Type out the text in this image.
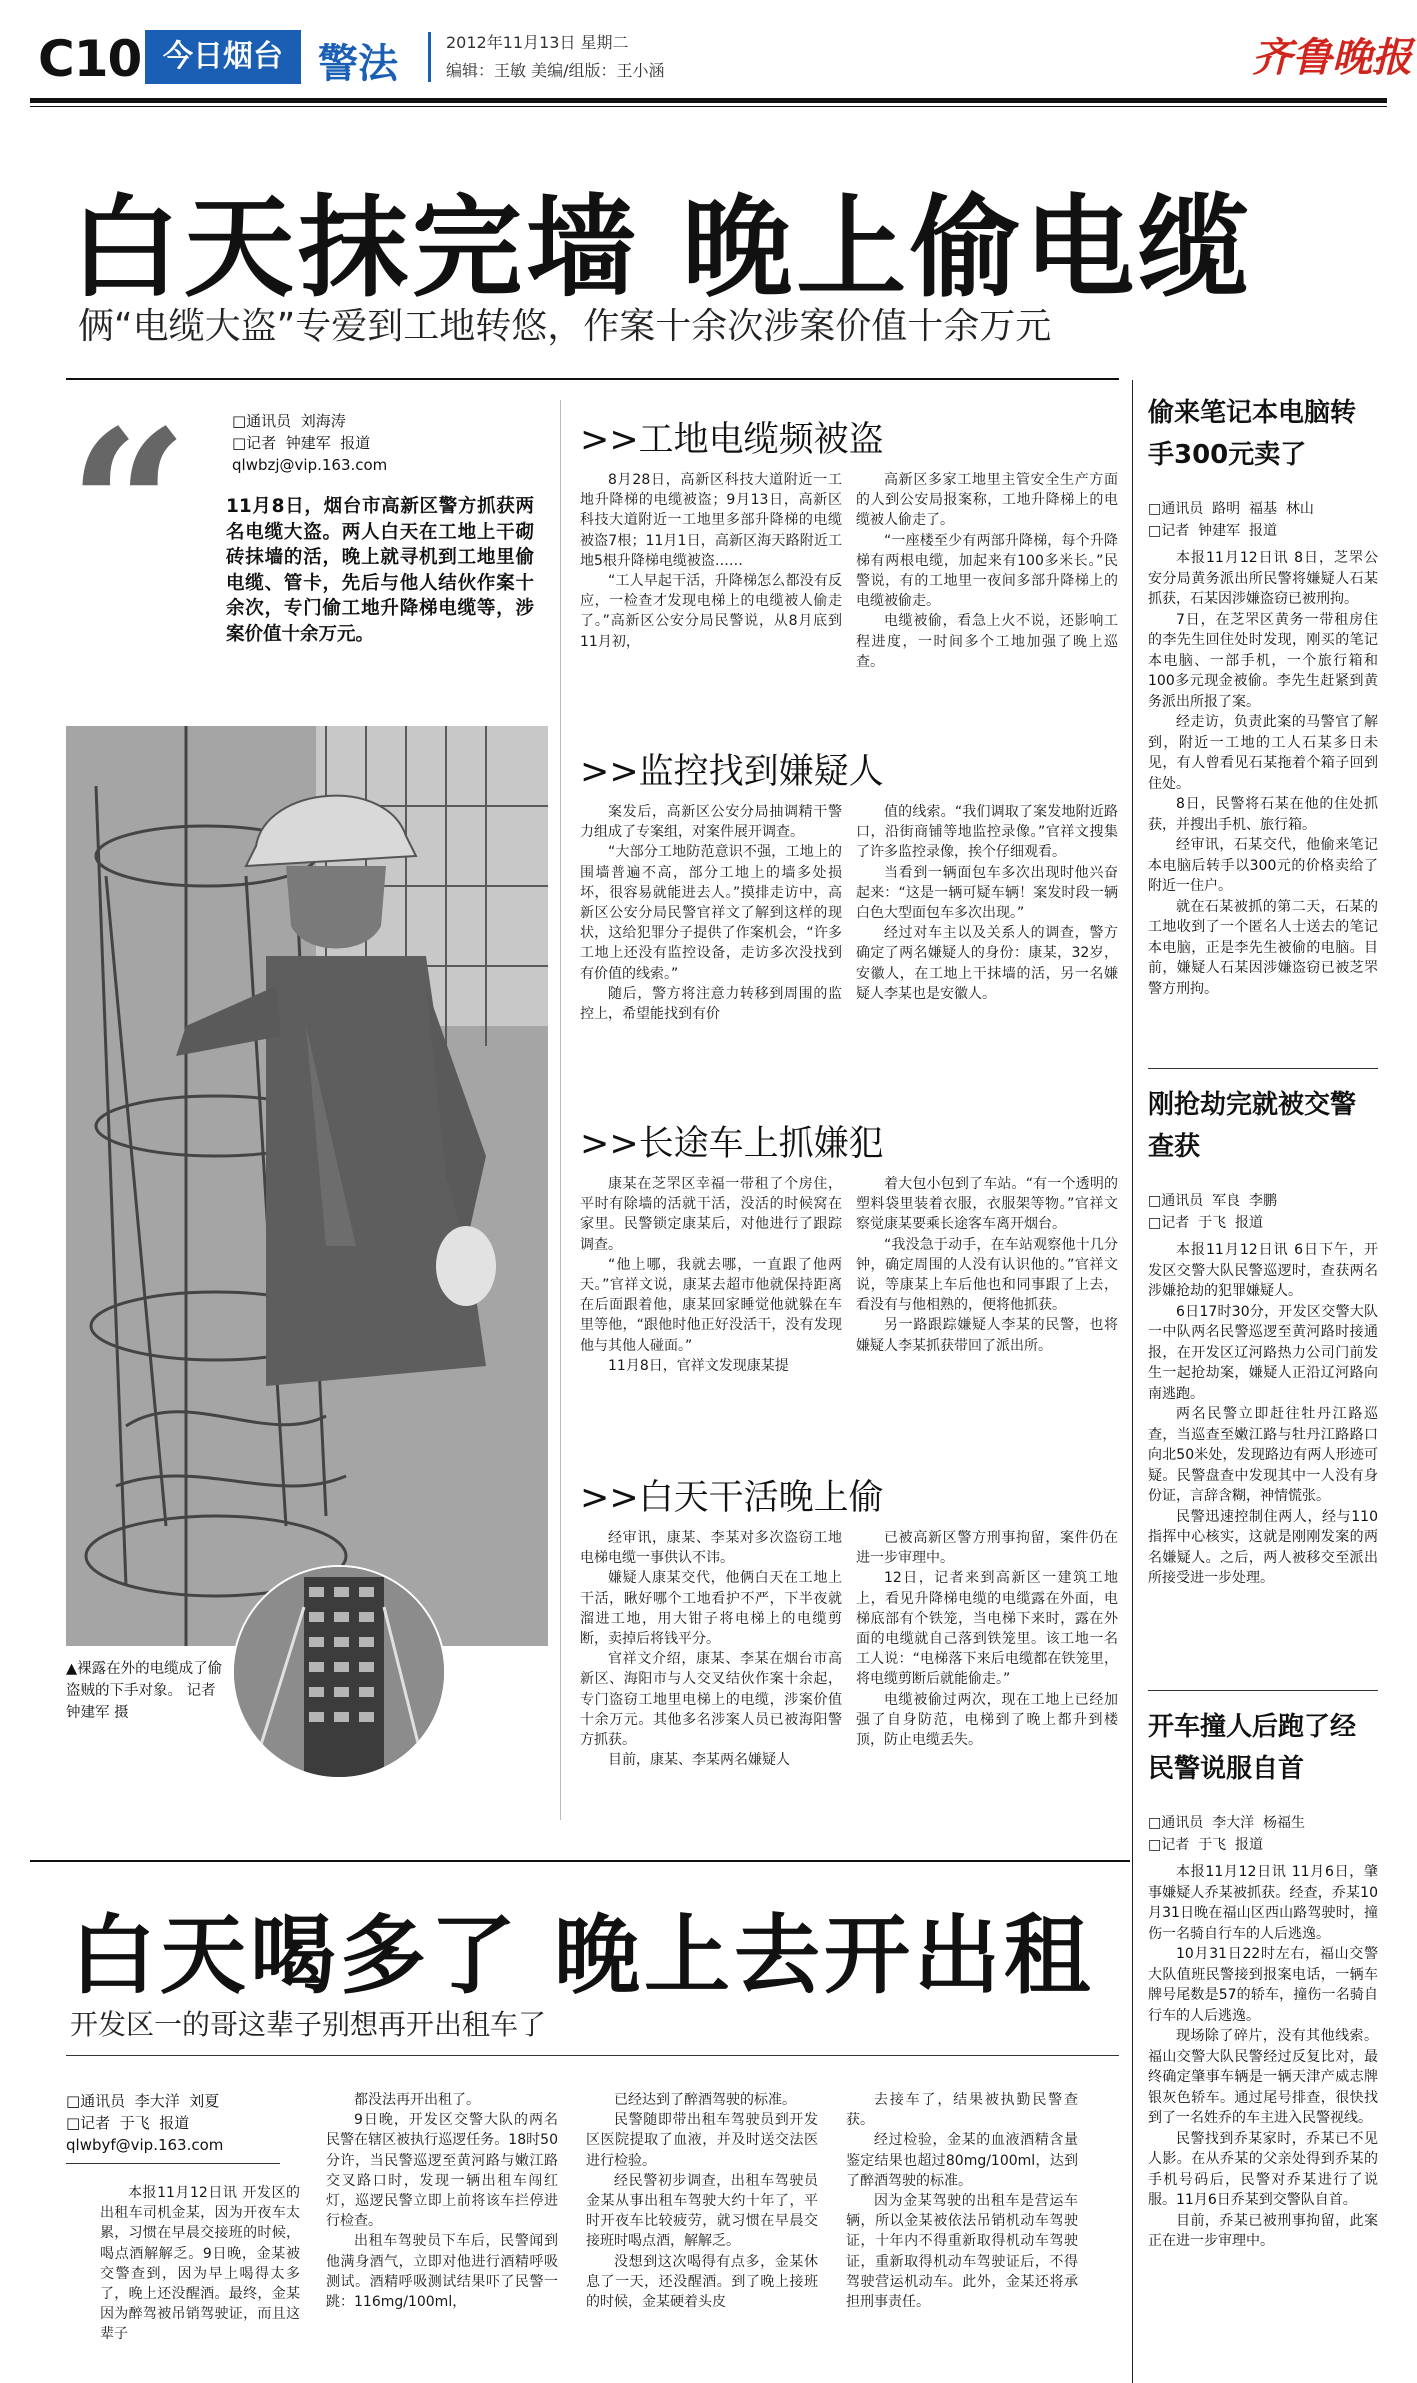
C10 今日烟台 警法	2012年11月13日 星期二
编辑：王敏 美编/组版：王小涵	齐鲁晚报
白天抹完墙 晚上偷电缆
俩“电缆大盗”专爱到工地转悠，作案十余次涉案价值十余万元
□通讯员  刘海涛
□记者  钟建军  报道
qlwbzj@vip.163.com
“ 11月8日，烟台市高新区警方抓获两名电缆大盗。两人白天在工地上干砌砖抹墙的活，晚上就寻机到工地里偷电缆、管卡，先后与他人结伙作案十余次，专门偷工地升降梯电缆等，涉案价值十余万元。
▲裸露在外的电缆成了偷盗贼的下手对象。 记者 钟建军 摄
>>工地电缆频被盗

8月28日，高新区科技大道附近一工地升降梯的电缆被盗；9月13日，高新区科技大道附近一工地里多部升降梯的电缆被盗7根；11月1日，高新区海天路附近工地5根升降梯电缆被盗……

“工人早起干活，升降梯怎么都没有反应，一检查才发现电梯上的电缆被人偷走了。”高新区公安分局民警说，从8月底到11月初，

高新区多家工地里主管安全生产方面的人到公安局报案称，工地升降梯上的电缆被人偷走了。

“一座楼至少有两部升降梯，每个升降梯有两根电缆，加起来有100多米长。”民警说，有的工地里一夜间多部升降梯上的电缆被偷走。

电缆被偷，看急上火不说，还影响工程进度，一时间多个工地加强了晚上巡查。

>>监控找到嫌疑人

案发后，高新区公安分局抽调精干警力组成了专案组，对案件展开调查。

“大部分工地防范意识不强，工地上的围墙普遍不高，部分工地上的墙多处损坏，很容易就能进去人。”摸排走访中，高新区公安分局民警官祥文了解到这样的现状，这给犯罪分子提供了作案机会，“许多工地上还没有监控设备，走访多次没找到有价值的线索。”

随后，警方将注意力转移到周围的监控上，希望能找到有价

值的线索。“我们调取了案发地附近路口，沿街商铺等地监控录像。”官祥文搜集了许多监控录像，挨个仔细观看。

当看到一辆面包车多次出现时他兴奋起来：“这是一辆可疑车辆！案发时段一辆白色大型面包车多次出现。”

经过对车主以及关系人的调查，警方确定了两名嫌疑人的身份：康某，32岁，安徽人，在工地上干抹墙的活，另一名嫌疑人李某也是安徽人。

>>长途车上抓嫌犯

康某在芝罘区幸福一带租了个房住，平时有除墙的活就干活，没活的时候窝在家里。民警锁定康某后，对他进行了跟踪调查。

“他上哪，我就去哪，一直跟了他两天。”官祥文说，康某去超市他就保持距离在后面跟着他，康某回家睡觉他就躲在车里等他，“跟他时他正好没活干，没有发现他与其他人碰面。”

11月8日，官祥文发现康某提

着大包小包到了车站。“有一个透明的塑料袋里装着衣服，衣服架等物。”官祥文察觉康某要乘长途客车离开烟台。

“我没急于动手，在车站观察他十几分钟，确定周围的人没有认识他的。”官祥文说，等康某上车后他也和同事跟了上去，看没有与他相熟的，便将他抓获。

另一路跟踪嫌疑人李某的民警，也将嫌疑人李某抓获带回了派出所。

>>白天干活晚上偷

经审讯，康某、李某对多次盗窃工地电梯电缆一事供认不讳。

嫌疑人康某交代，他俩白天在工地上干活，瞅好哪个工地看护不严，下半夜就溜进工地，用大钳子将电梯上的电缆剪断，卖掉后将钱平分。

官祥文介绍，康某、李某在烟台市高新区、海阳市与人交叉结伙作案十余起，专门盗窃工地里电梯上的电缆，涉案价值十余万元。其他多名涉案人员已被海阳警方抓获。

目前，康某、李某两名嫌疑人

已被高新区警方刑事拘留，案件仍在进一步审理中。

12日，记者来到高新区一建筑工地上，看见升降梯电缆的电缆露在外面，电梯底部有个铁笼，当电梯下来时，露在外面的电缆就自己落到铁笼里。该工地一名工人说：“电梯落下来后电缆都在铁笼里，将电缆剪断后就能偷走。”

电缆被偷过两次，现在工地上已经加强了自身防范，电梯到了晚上都升到楼顶，防止电缆丢失。

白天喝多了 晚上去开出租
开发区一的哥这辈子别想再开出租车了
□通讯员  李大洋  刘夏
□记者  于飞  报道
qlwbyf@vip.163.com

本报11月12日讯 开发区的出租车司机金某，因为开夜车太累，习惯在早晨交接班的时候，喝点酒解解乏。9日晚，金某被交警查到，因为早上喝得太多了，晚上还没醒酒。最终，金某因为醉驾被吊销驾驶证，而且这辈子

都没法再开出租了。

9日晚，开发区交警大队的两名民警在辖区被执行巡逻任务。18时50分许，当民警巡逻至黄河路与嫩江路交叉路口时，发现一辆出租车闯红灯，巡逻民警立即上前将该车拦停进行检查。

出租车驾驶员下车后，民警闻到他满身酒气，立即对他进行酒精呼吸测试。酒精呼吸测试结果吓了民警一跳：116mg/100ml，

已经达到了醉酒驾驶的标准。

民警随即带出租车驾驶员到开发区医院提取了血液，并及时送交法医进行检验。

经民警初步调查，出租车驾驶员金某从事出租车驾驶大约十年了，平时开夜车比较疲劳，就习惯在早晨交接班时喝点酒，解解乏。

没想到这次喝得有点多，金某休息了一天，还没醒酒。到了晚上接班的时候，金某硬着头皮

去接车了，结果被执勤民警查获。

经过检验，金某的血液酒精含量鉴定结果也超过80mg/100ml，达到了醉酒驾驶的标准。

因为金某驾驶的出租车是营运车辆，所以金某被依法吊销机动车驾驶证，十年内不得重新取得机动车驾驶证，重新取得机动车驾驶证后，不得驾驶营运机动车。此外，金某还将承担刑事责任。

偷来笔记本电脑转手300元卖了
□通讯员  路明  福基  林山
□记者  钟建军  报道

本报11月12日讯 8日，芝罘公安分局黄务派出所民警将嫌疑人石某抓获，石某因涉嫌盗窃已被刑拘。

7日，在芝罘区黄务一带租房住的李先生回住处时发现，刚买的笔记本电脑、一部手机，一个旅行箱和100多元现金被偷。李先生赶紧到黄务派出所报了案。

经走访，负责此案的马警官了解到，附近一工地的工人石某多日未见，有人曾看见石某拖着个箱子回到住处。

8日，民警将石某在他的住处抓获，并搜出手机、旅行箱。

经审讯，石某交代，他偷来笔记本电脑后转手以300元的价格卖给了附近一住户。

就在石某被抓的第二天，石某的工地收到了一个匿名人士送去的笔记本电脑，正是李先生被偷的电脑。目前，嫌疑人石某因涉嫌盗窃已被芝罘警方刑拘。

刚抢劫完就被交警查获
□通讯员  军良  李鹏
□记者  于飞  报道

本报11月12日讯 6日下午，开发区交警大队民警巡逻时，查获两名涉嫌抢劫的犯罪嫌疑人。

6日17时30分，开发区交警大队一中队两名民警巡逻至黄河路时接通报，在开发区辽河路热力公司门前发生一起抢劫案，嫌疑人正沿辽河路向南逃跑。

两名民警立即赶往牡丹江路巡查，当巡查至嫩江路与牡丹江路路口向北50米处，发现路边有两人形迹可疑。民警盘查中发现其中一人没有身份证，言辞含糊，神情慌张。

民警迅速控制住两人，经与110指挥中心核实，这就是刚刚发案的两名嫌疑人。之后，两人被移交至派出所接受进一步处理。

开车撞人后跑了经民警说服自首
□通讯员  李大洋  杨福生
□记者  于飞  报道

本报11月12日讯 11月6日，肇事嫌疑人乔某被抓获。经查，乔某10月31日晚在福山区西山路驾驶时，撞伤一名骑自行车的人后逃逸。

10月31日22时左右，福山交警大队值班民警接到报案电话，一辆车牌号尾数是57的轿车，撞伤一名骑自行车的人后逃逸。

现场除了碎片，没有其他线索。福山交警大队民警经过反复比对，最终确定肇事车辆是一辆天津产威志牌银灰色轿车。通过尾号排查，很快找到了一名姓乔的车主进入民警视线。

民警找到乔某家时，乔某已不见人影。在从乔某的父亲处得到乔某的手机号码后，民警对乔某进行了说服。11月6日乔某到交警队自首。

目前，乔某已被刑事拘留，此案正在进一步审理中。
